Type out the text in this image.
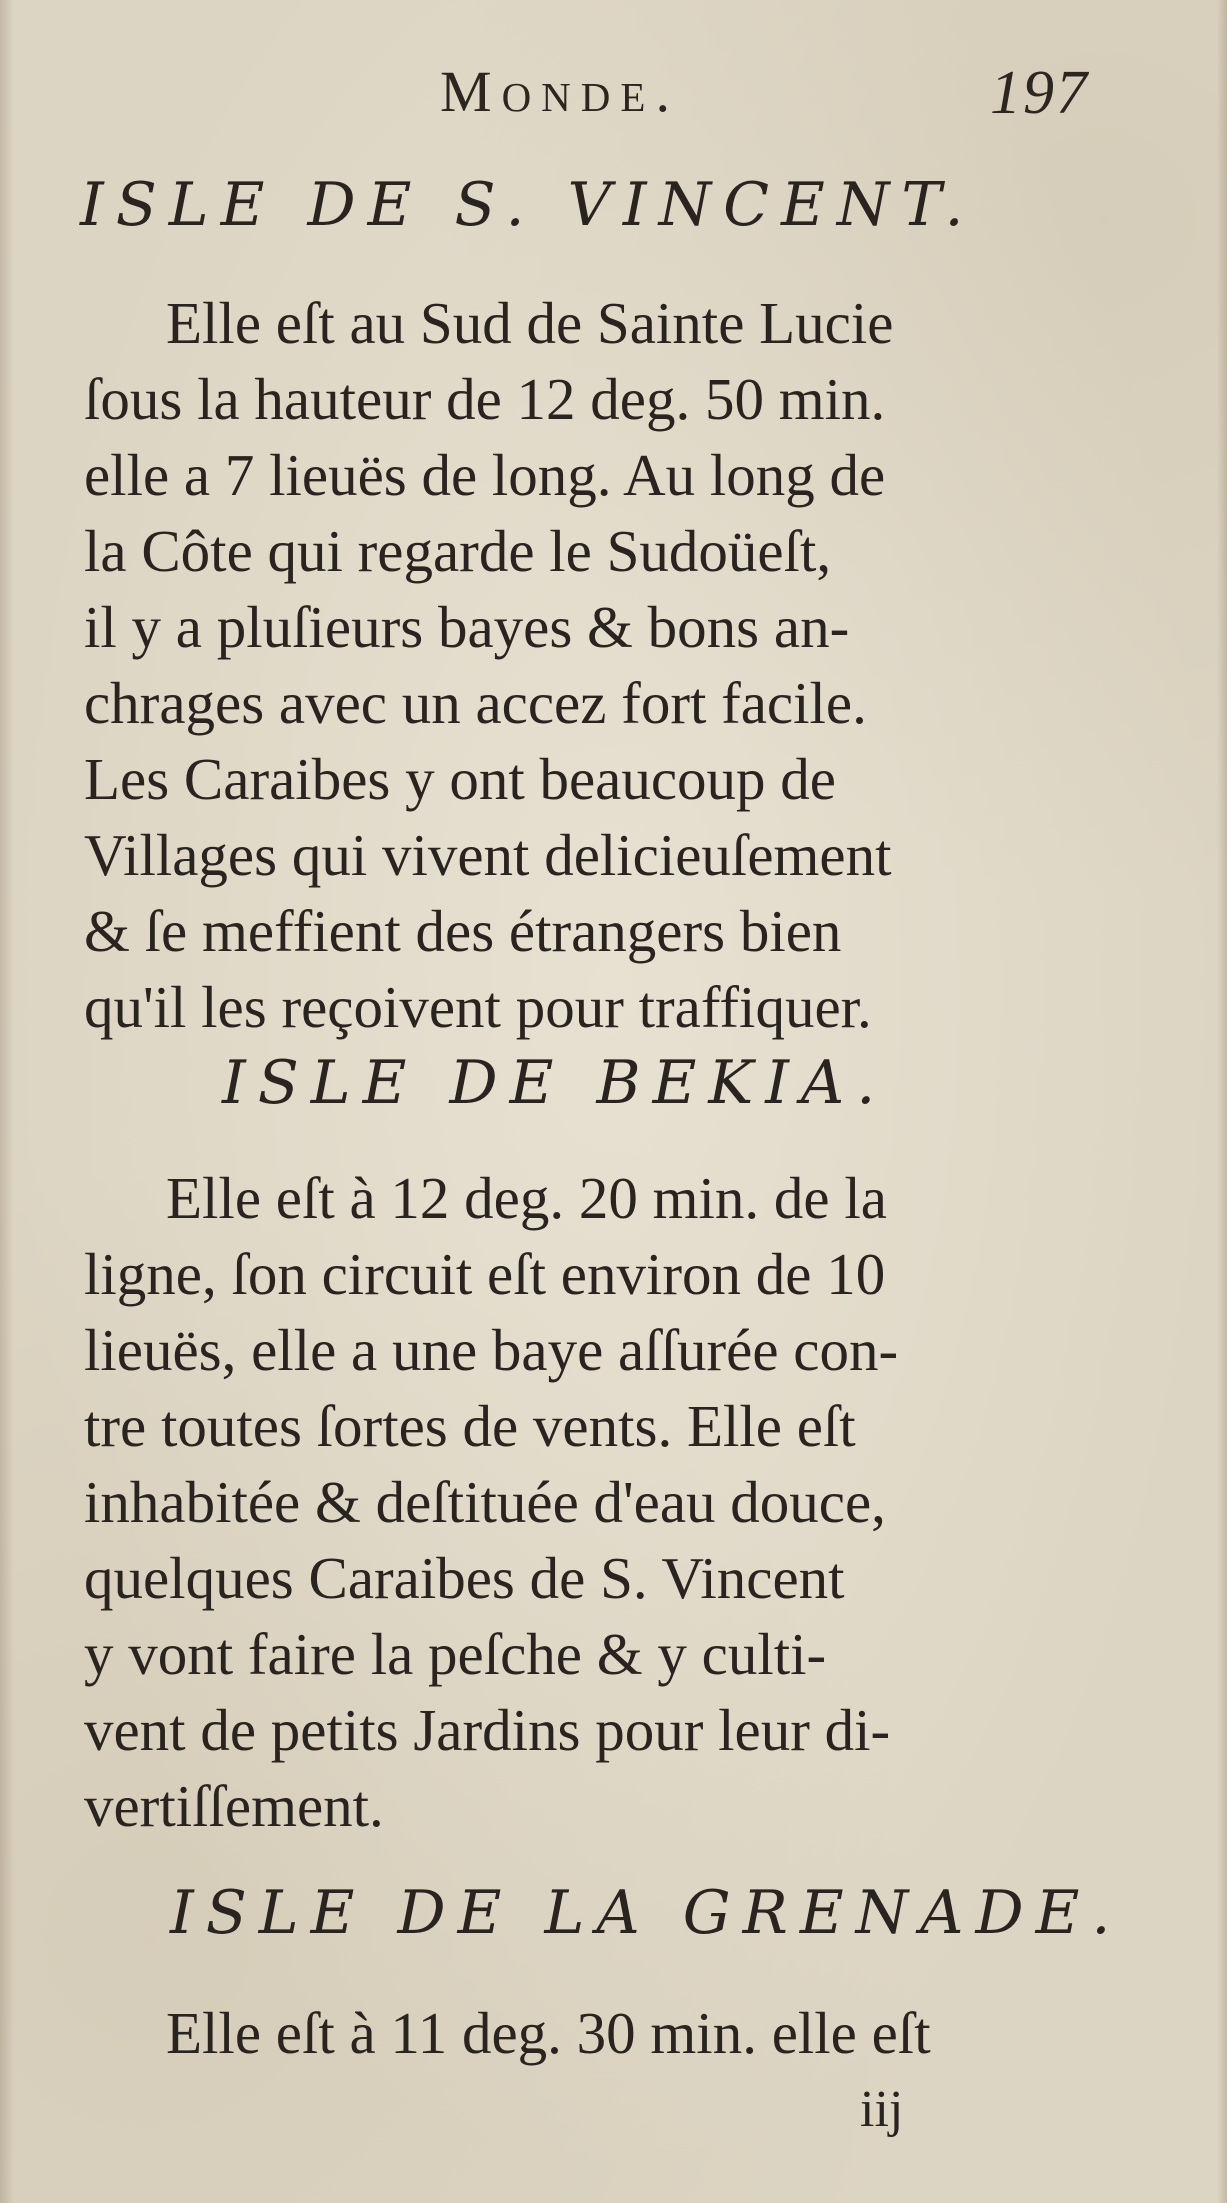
Monde.	197
ISLE DE S. VINCENT.
Elle eſt au Sud de Sainte Lucie
ſous la hauteur de 12 deg. 50 min.
elle a 7 lieuës de long. Au long de
la Côte qui regarde le Sudoüeſt,
il y a pluſieurs bayes & bons an-
chrages avec un accez fort facile.
Les Caraibes y ont beaucoup de
Villages qui vivent delicieuſement
& ſe meffient des étrangers bien
qu'il les reçoivent pour traffiquer.
ISLE DE BEKIA.
Elle eſt à 12 deg. 20 min. de la
ligne, ſon circuit eſt environ de 10
lieuës, elle a une baye aſſurée con-
tre toutes ſortes de vents. Elle eſt
inhabitée & deſtituée d'eau douce,
quelques Caraibes de S. Vincent
y vont faire la peſche & y culti-
vent de petits Jardins pour leur di-
vertiſſement.
ISLE DE LA GRENADE.
Elle eſt à 11 deg. 30 min. elle eſt
iij
